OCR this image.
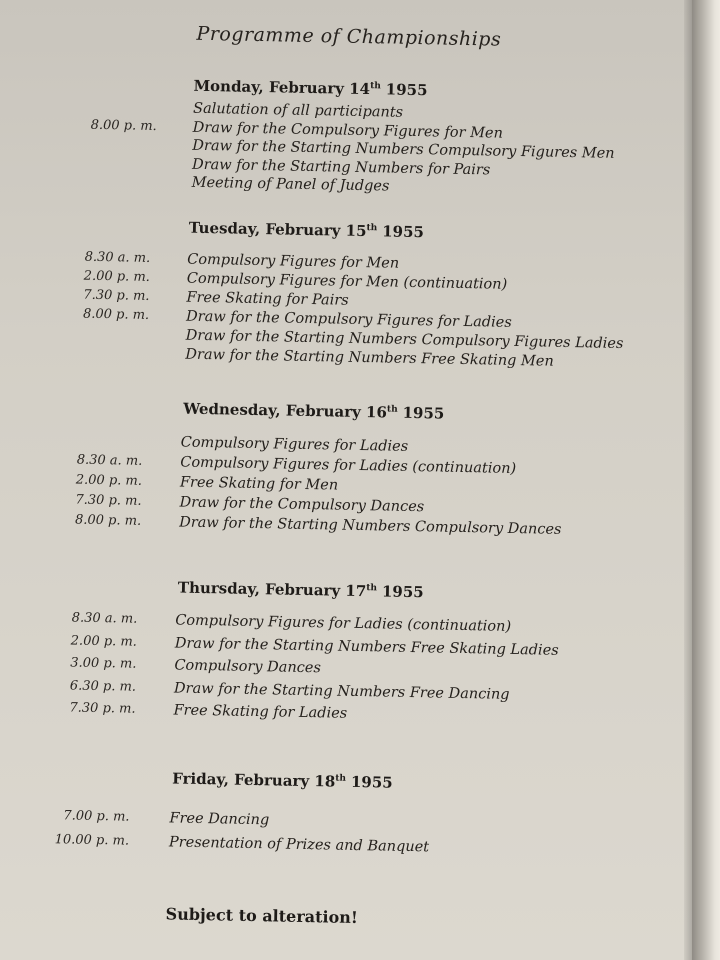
Programme of Championships
Monday, February 14th 1955
Salutation of all participants
8.00 p. m. Draw for the Compulsory Figures for Men
Draw for the Starting Numbers Compulsory Figures Men
Draw for the Starting Numbers for Pairs
Meeting of Panel of Judges
Tuesday, February 15th 1955
8.30 a. m.	Compulsory Figures for Men
2.00 p. m.	Compulsory Figures for Men (continuation)
7.30 p. m.	Free Skating for Pairs
8.00 p. m.	Draw for the Compulsory Figures for Ladies
Draw for the Starting Numbers Compulsory Figures Ladies
Draw for the Starting Numbers Free Skating Men
Wednesday, February 16th 1955
Compulsory Figures for Ladies
8.30 a. m.	Compulsory Figures for Ladies (continuation)
2.00 p. m.	Free Skating for Men
7.30 p. m.	Draw for the Compulsory Dances
8.00 p. m.	Draw for the Starting Numbers Compulsory Dances
Thursday, February 17th 1955
8.30 a. m.	Compulsory Figures for Ladies (continuation)
2.00 p. m.	Draw for the Starting Numbers Free Skating Ladies
3.00 p. m.	Compulsory Dances
6.30 p. m.	Draw for the Starting Numbers Free Dancing
7.30 p. m.	Free Skating for Ladies
Friday, February 18th 1955
7.00 p. m.	Free Dancing
10.00 p. m.	Presentation of Prizes and Banquet
Subject to alteration!
